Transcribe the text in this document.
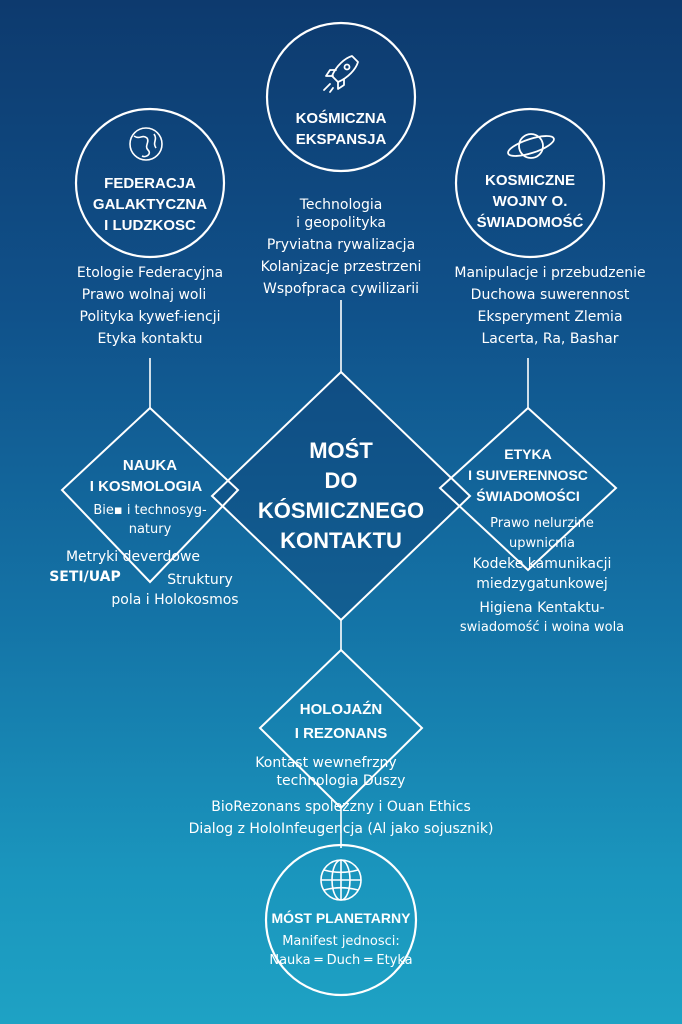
MOŚT
DO
KÓSMICZNEGO
KONTAKTU
KOŚMICZNA
EKSPANSJA
Technologia
i geopolityka
Pryviatna rywalizacja
Kolanjzacje przestrzeni
Wspofpraca cywilizarii
FEDERACJA
GALAKTYCZNA
I LUDZKOSC
Etologie Federacyjna
Prawo wolnaj woli
Polityka kywef-iencji
Etyka kontaktu
KOSMICZNE
WOJNY O.
ŚWIADOMOŚĆ
Manipulacje i przebudzenie
Duchowa suwerennost
Eksperyment Zlemia
Lacerta, Ra, Bashar
NAUKA
I KOSMOLOGIA
Bie▪ i technosyg-
natury
Metryki deverdowe
SETI/UAP	Struktury
pola i Holokosmos
ETYKA
I SUIVERENNOSC
ŚWIADOMOŚCI
Prawo nelurzine
upwnicnia
Kodeke kamunikacji
miedzygatunkowej
Higiena Kentaktu-
swiadomość i woina wola
HOLOJAŹN
I REZONANS
Kontast wewnefrzny
technologia Duszy
BioRezonans spolezzny i Ouan Ethics
Dialog z HoloInfeugencja (Al jako sojusznik)
MÓST PLANETARNY
Manifest jednosci:
Nauka ═ Duch ═ Etyka
